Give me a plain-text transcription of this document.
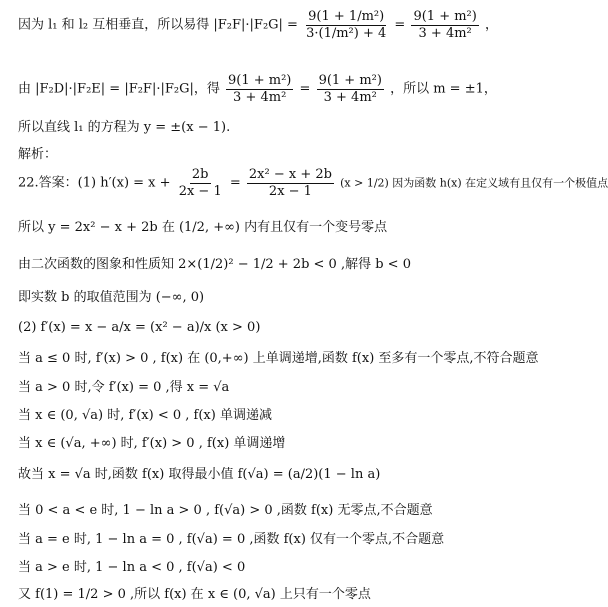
因为 l₁ 和 l₂ 互相垂直，所以易得 $|F_2F|\cdot|F_2G| = \frac{\text{9(1 + 1/m²)}}{\text{3·(1/m²) + 4}} = \frac{\text{9(1 + m²)}}{\text{3 + 4m²}}$ ，
由 |F₂D|·|F₂E| = |F₂F|·|F₂G|，得 $\frac{\text{9(1 + m²)}}{\text{3 + 4m²}} = \frac{\text{9(1 + m²)}}{\text{3 + 4m²}}$ ，所以 m = ±1，
所以直线 l₁ 的方程为 y = ±(x − 1).
解析：
22.答案：(1) $h'(x) = x + \frac{2b}{2x - 1} = \frac{\text{2x² − x + 2b}}{2x - 1} (x > 1/2)$ 因为函数 h(x) 在定义域有且仅有一个极值点
所以 y = 2x² − x + 2b 在 (1/2, +∞) 内有且仅有一个变号零点
由二次函数的图象和性质知 2×(1/2)² − 1/2 + 2b < 0 ,解得 b < 0
即实数 b 的取值范围为 (−∞, 0)
(2) f′(x) = x − a/x = (x² − a)/x (x > 0)
当 a ≤ 0 时, f′(x) > 0 , f(x) 在 (0,+∞) 上单调递增,函数 f(x) 至多有一个零点,不符合题意
当 a > 0 时,令 f′(x) = 0 ,得 x = √a
当 x ∈ (0, √a) 时, f′(x) < 0 , f(x) 单调递减
当 x ∈ (√a, +∞) 时, f′(x) > 0 , f(x) 单调递增
故当 x = √a 时,函数 f(x) 取得最小值 f(√a) = (a/2)(1 − ln a)
当 0 < a < e 时, 1 − ln a > 0 , f(√a) > 0 ,函数 f(x) 无零点,不合题意
当 a = e 时, 1 − ln a = 0 , f(√a) = 0 ,函数 f(x) 仅有一个零点,不合题意
当 a > e 时, 1 − ln a < 0 , f(√a) < 0
又 f(1) = 1/2 > 0 ,所以 f(x) 在 x ∈ (0, √a) 上只有一个零点
